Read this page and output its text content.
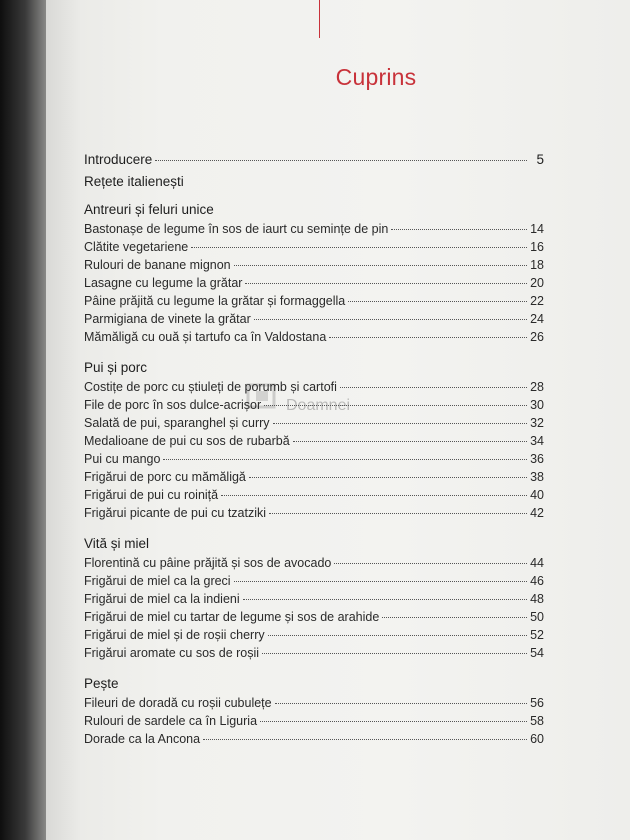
Cuprins
Doamnei
Introducere	5
Rețete italienești
Antreuri și feluri unice
Bastonașe de legume în sos de iaurt cu semințe de pin	14
Clătite vegetariene	16
Rulouri de banane mignon	18
Lasagne cu legume la grătar	20
Pâine prăjită cu legume la grătar și formaggella	22
Parmigiana de vinete la grătar	24
Mămăligă cu ouă și tartufo ca în Valdostana	26
Pui și porc
Costițe de porc cu știuleți de porumb și cartofi	28
File de porc în sos dulce-acrișor	30
Salată de pui, sparanghel și curry	32
Medalioane de pui cu sos de rubarbă	34
Pui cu mango	36
Frigărui de porc cu mămăligă	38
Frigărui de pui cu roiniță	40
Frigărui picante de pui cu tzatziki	42
Vită și miel
Florentină cu pâine prăjită și sos de avocado	44
Frigărui de miel ca la greci	46
Frigărui de miel ca la indieni	48
Frigărui de miel cu tartar de legume și sos de arahide	50
Frigărui de miel și de roșii cherry	52
Frigărui aromate cu sos de roșii	54
Pește
Fileuri de doradă cu roșii cubulețe	56
Rulouri de sardele ca în Liguria	58
Dorade ca la Ancona	60
